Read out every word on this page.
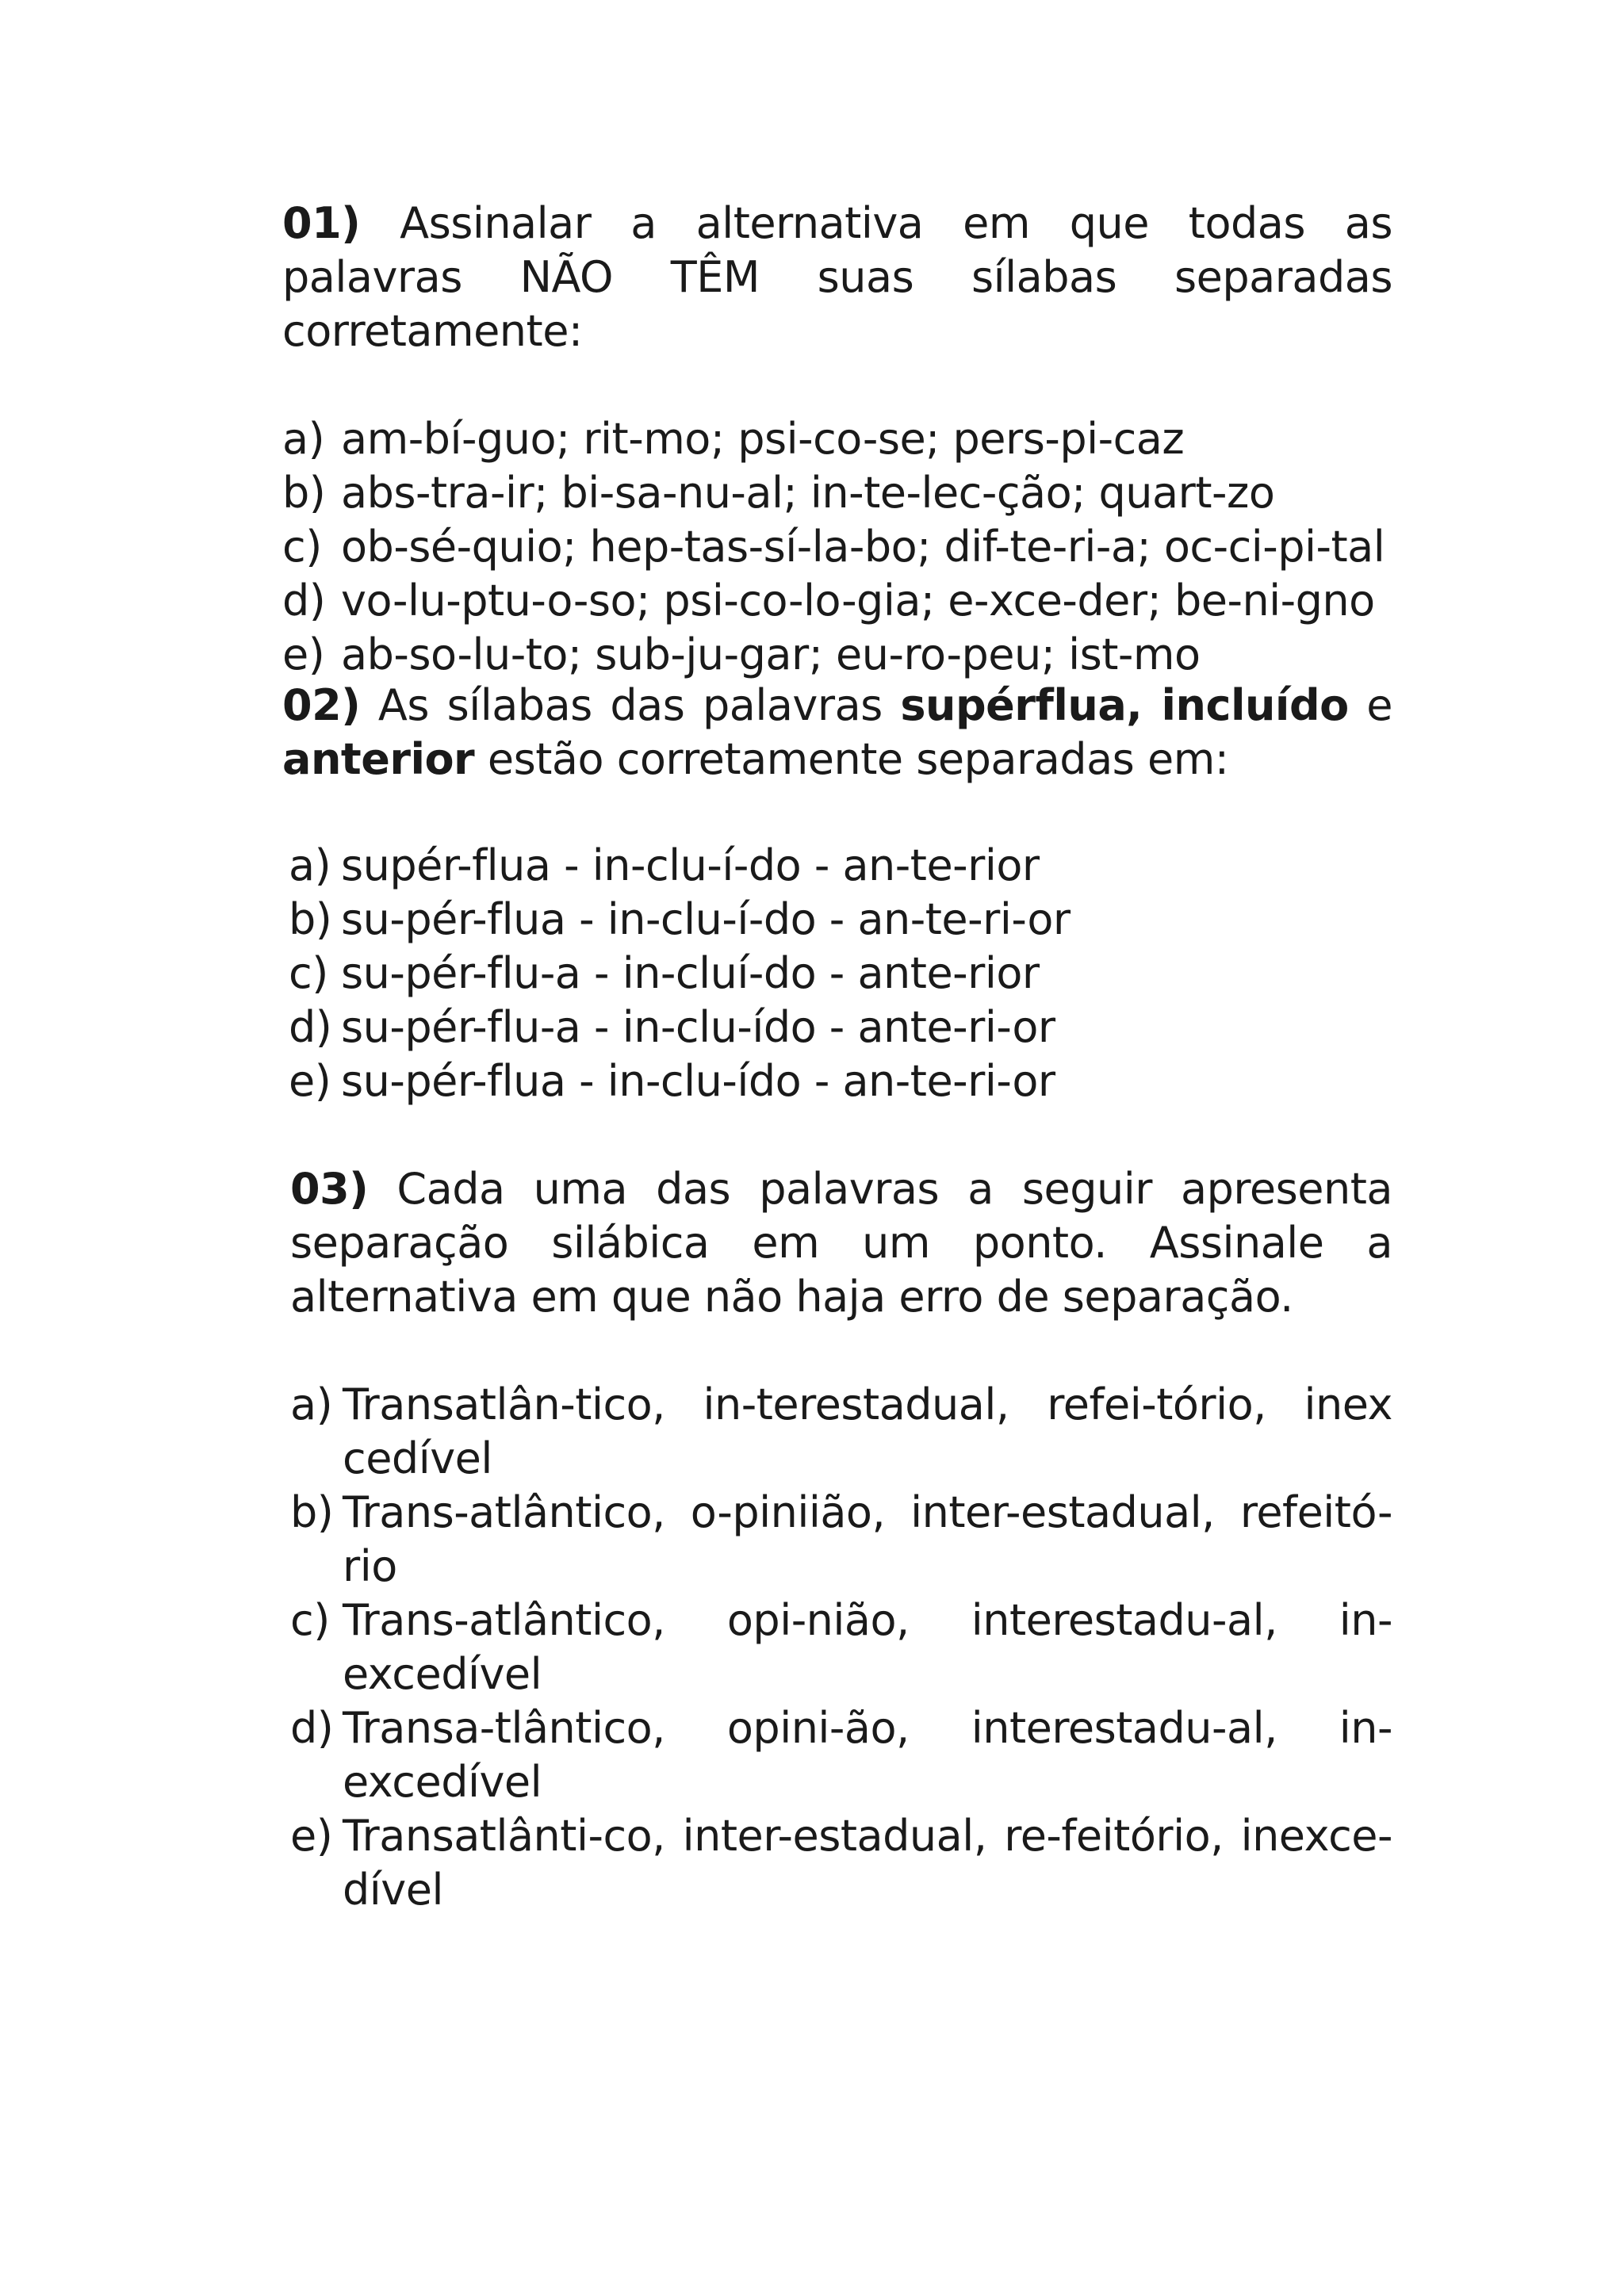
01) Assinalar a alternativa em que todas as palavras NÃO TÊM suas sílabas separadas corretamente:

a) am-bí-guo; rit-mo; psi-co-se; pers-pi-caz
b) abs-tra-ir; bi-sa-nu-al; in-te-lec-ção; quart-zo
c) ob-sé-quio; hep-tas-sí-la-bo; dif-te-ri-a; oc-ci-pi-tal
d) vo-lu-ptu-o-so; psi-co-lo-gia; e-xce-der; be-ni-gno
e) ab-so-lu-to; sub-ju-gar; eu-ro-peu; ist-mo

02) As sílabas das palavras supérflua, incluído e anterior estão corretamente separadas em:

a) supér-flua - in-clu-í-do - an-te-rior
b) su-pér-flua - in-clu-í-do - an-te-ri-or
c) su-pér-flu-a - in-cluí-do - ante-rior
d) su-pér-flu-a - in-clu-ído - ante-ri-or
e) su-pér-flua - in-clu-ído - an-te-ri-or

03) Cada uma das palavras a seguir apresenta separação silábica em um ponto. Assinale a alternativa em que não haja erro de separação.

a) Transatlân-tico, in-terestadual, refei-tório, inex cedível
b) Trans-atlântico, o-piniião, inter-estadual, refeitó-rio
c) Trans-atlântico, opi-nião, interestadu-al, in-excedível
d) Transa-tlântico, opini-ão, interestadu-al, in-excedível
e) Transatlânti-co, inter-estadual, re-feitório, inexce-dível
